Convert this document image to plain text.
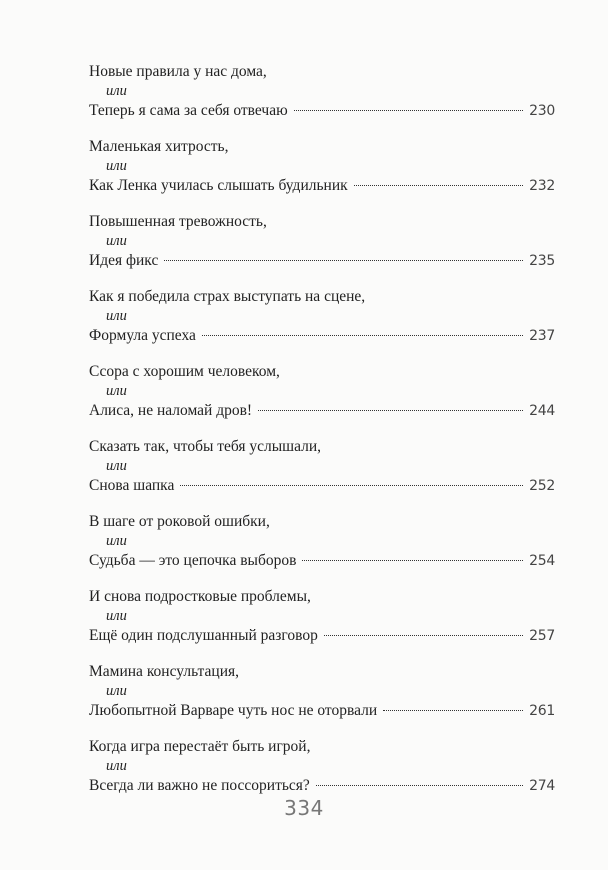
Новые правила у нас дома,
или
Теперь я сама за себя отвечаю	230
Маленькая хитрость,
или
Как Ленка училась слышать будильник	232
Повышенная тревожность,
или
Идея фикс	235
Как я победила страх выступать на сцене,
или
Формула успеха	237
Ссора с хорошим человеком,
или
Алиса, не наломай дров!	244
Сказать так, чтобы тебя услышали,
или
Снова шапка	252
В шаге от роковой ошибки,
или
Судьба — это цепочка выборов	254
И снова подростковые проблемы,
или
Ещё один подслушанный разговор	257
Мамина консультация,
или
Любопытной Варваре чуть нос не оторвали	261
Когда игра перестаёт быть игрой,
или
Всегда ли важно не поссориться?	274
334
